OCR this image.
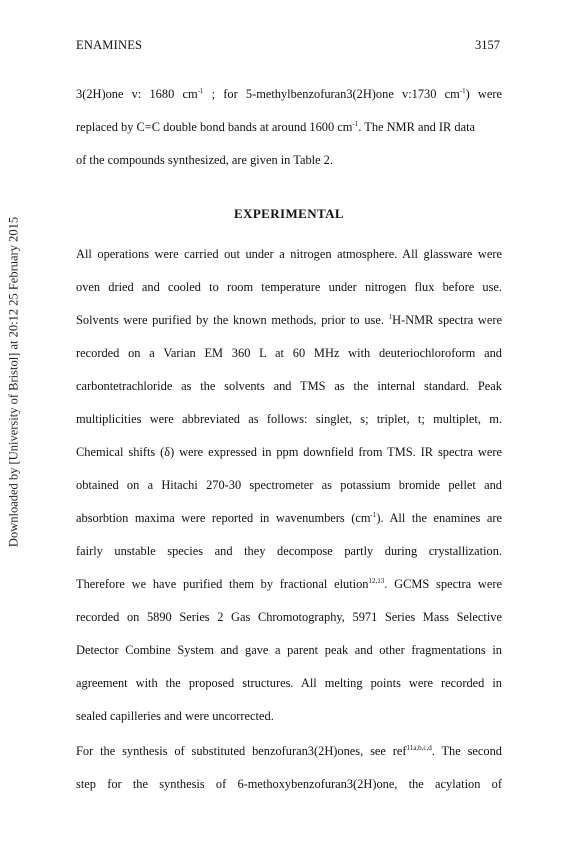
ENAMINES	3157
Downloaded by [University of Bristol] at 20:12 25 February 2015
3(2H)one v: 1680 $cm^{-1}$ ; for 5-methylbenzofuran3(2H)one v:1730 $cm^{-1}$) were
replaced by C=C double bond bands at around 1600 $cm^{-1}$. The NMR and IR data
of the compounds synthesized, are given in Table 2.
EXPERIMENTAL
All operations were carried out under a nitrogen atmosphere. All glassware were
oven dried and cooled to room temperature under nitrogen flux before use.
Solvents were purified by the known methods, prior to use. $^1$H-NMR spectra were
recorded on a Varian EM 360 L at 60 MHz with deuteriochloroform and
carbontetrachloride as the solvents and TMS as the internal standard. Peak
multiplicities were abbreviated as follows: singlet, s; triplet, t; multiplet, m.
Chemical shifts (δ) were expressed in ppm downfield from TMS. IR spectra were
obtained on a Hitachi 270-30 spectrometer as potassium bromide pellet and
absorbtion maxima were reported in wavenumbers $(cm^{-1})$. All the enamines are
fairly unstable species and they decompose partly during crystallization.
Therefore we have purified them by fractional elution$^{12,13}$. GCMS spectra were
recorded on 5890 Series 2 Gas Chromotography, 5971 Series Mass Selective
Detector Combine System and gave a parent peak and other fragmentations in
agreement with the proposed structures. All melting points were recorded in
sealed capilleries and were uncorrected.
For the synthesis of substituted benzofuran3(2H)ones, see ref$^{11a,b,c,d}$. The second
step for the synthesis of 6-methoxybenzofuran3(2H)one, the acylation of
